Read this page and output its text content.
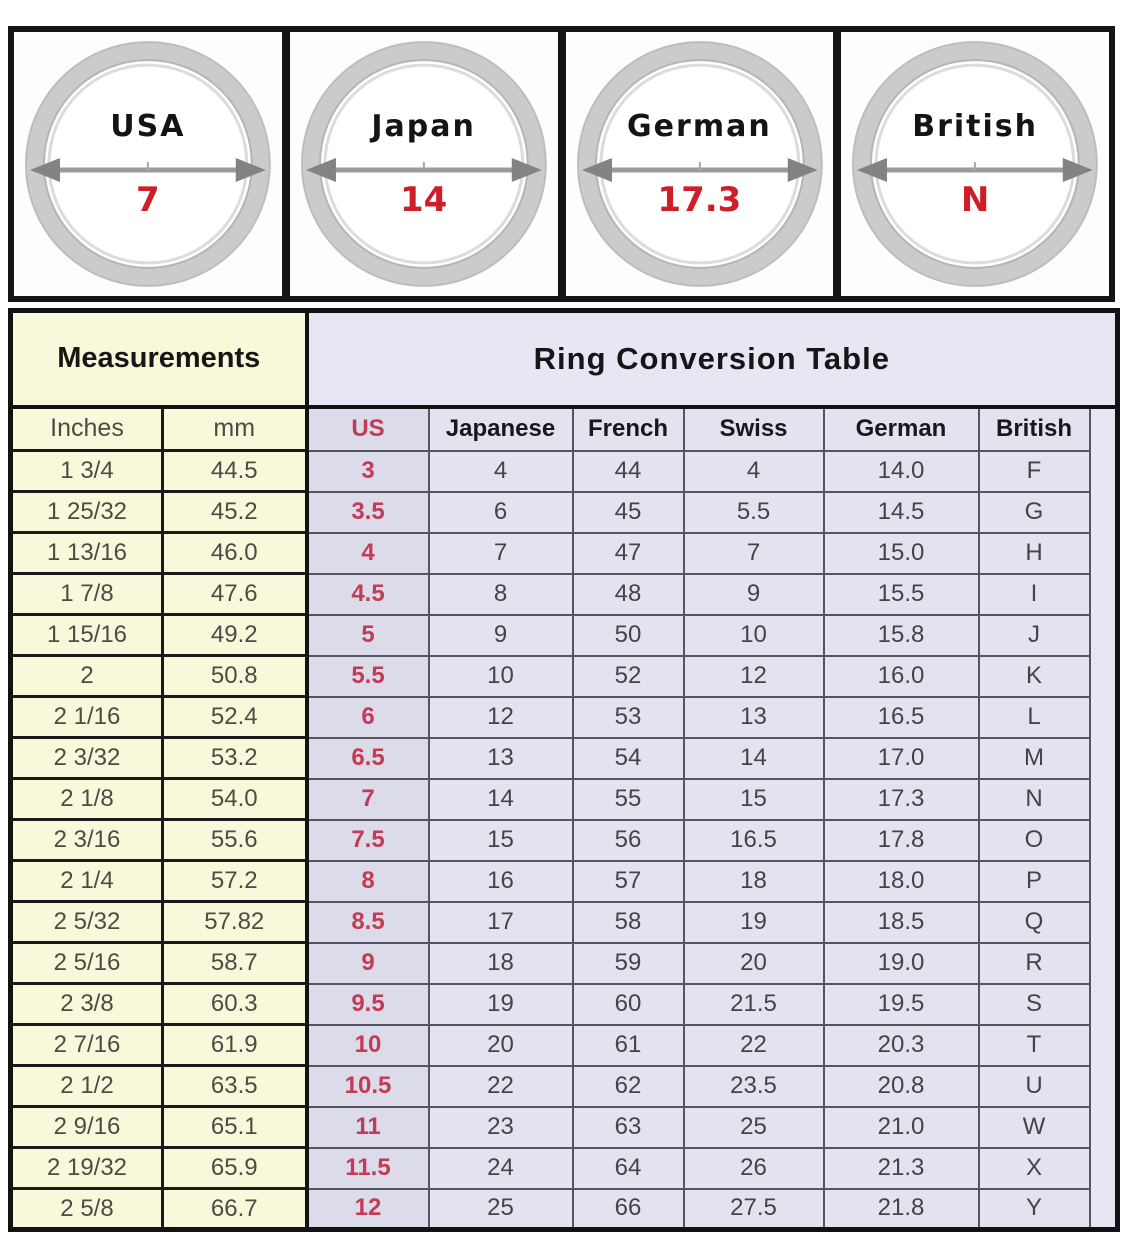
USA
7
Japan
14
German
17.3
British
N
Measurements		Ring Conversion Table						
Inches	mm	US	Japanese	French	Swiss	German	British	
1 3/4	44.5	3	4	44	4	14.0	F	
1 25/32	45.2	3.5	6	45	5.5	14.5	G	
1 13/16	46.0	4	7	47	7	15.0	H	
1 7/8	47.6	4.5	8	48	9	15.5	I	
1 15/16	49.2	5	9	50	10	15.8	J	
2	50.8	5.5	10	52	12	16.0	K	
2 1/16	52.4	6	12	53	13	16.5	L	
2 3/32	53.2	6.5	13	54	14	17.0	M	
2 1/8	54.0	7	14	55	15	17.3	N	
2 3/16	55.6	7.5	15	56	16.5	17.8	O	
2 1/4	57.2	8	16	57	18	18.0	P	
2 5/32	57.82	8.5	17	58	19	18.5	Q	
2 5/16	58.7	9	18	59	20	19.0	R	
2 3/8	60.3	9.5	19	60	21.5	19.5	S	
2 7/16	61.9	10	20	61	22	20.3	T	
2 1/2	63.5	10.5	22	62	23.5	20.8	U	
2 9/16	65.1	11	23	63	25	21.0	W	
2 19/32	65.9	11.5	24	64	26	21.3	X	
2 5/8	66.7	12	25	66	27.5	21.8	Y	
